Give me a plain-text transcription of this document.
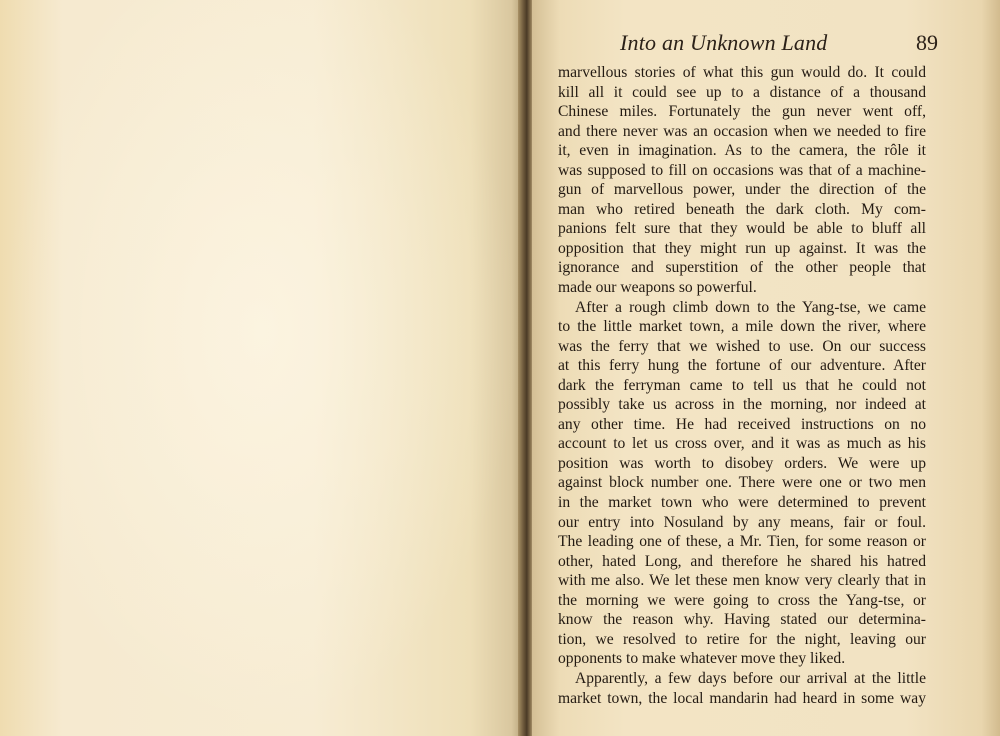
Into an Unknown Land	89
marvellous stories of what this gun would do. It could
kill all it could see up to a distance of a thousand
Chinese miles. Fortunately the gun never went off,
and there never was an occasion when we needed to fire
it, even in imagination. As to the camera, the rôle it
was supposed to fill on occasions was that of a machine-
gun of marvellous power, under the direction of the
man who retired beneath the dark cloth. My com-
panions felt sure that they would be able to bluff all
opposition that they might run up against. It was the
ignorance and superstition of the other people that
made our weapons so powerful.
After a rough climb down to the Yang-tse, we came
to the little market town, a mile down the river, where
was the ferry that we wished to use. On our success
at this ferry hung the fortune of our adventure. After
dark the ferryman came to tell us that he could not
possibly take us across in the morning, nor indeed at
any other time. He had received instructions on no
account to let us cross over, and it was as much as his
position was worth to disobey orders. We were up
against block number one. There were one or two men
in the market town who were determined to prevent
our entry into Nosuland by any means, fair or foul.
The leading one of these, a Mr. Tien, for some reason or
other, hated Long, and therefore he shared his hatred
with me also. We let these men know very clearly that in
the morning we were going to cross the Yang-tse, or
know the reason why. Having stated our determina-
tion, we resolved to retire for the night, leaving our
opponents to make whatever move they liked.
Apparently, a few days before our arrival at the little
market town, the local mandarin had heard in some way
